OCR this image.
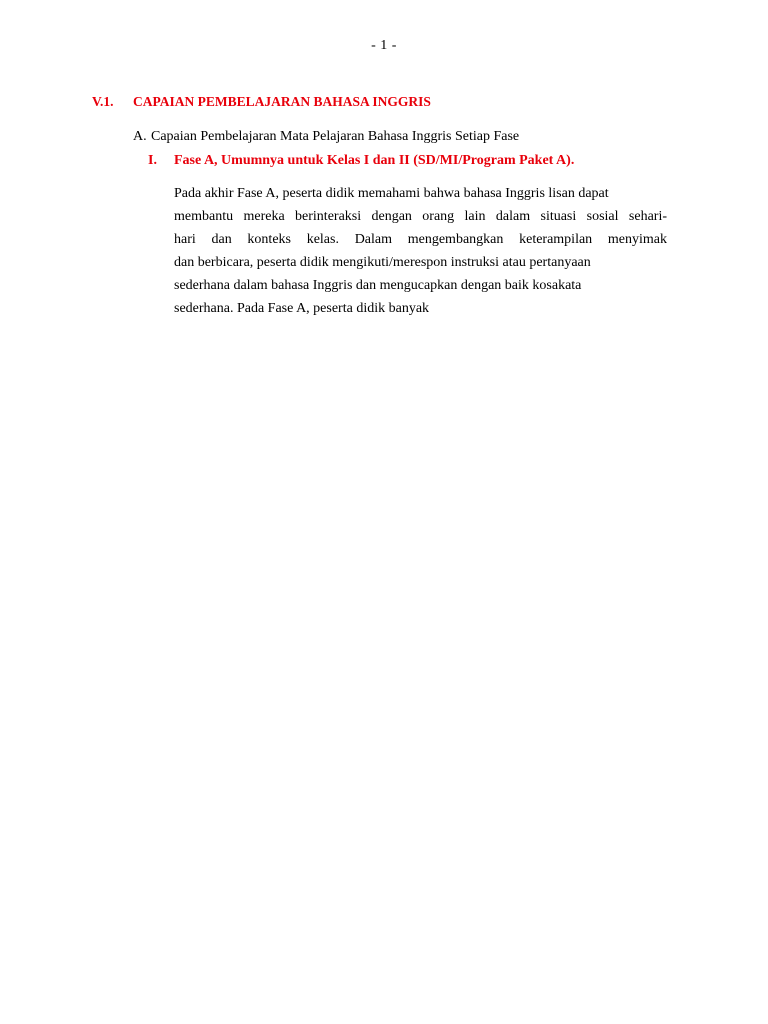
- 1 -
V.1. CAPAIAN PEMBELAJARAN BAHASA INGGRIS
A. Capaian Pembelajaran Mata Pelajaran Bahasa Inggris Setiap Fase
I. Fase A, Umumnya untuk Kelas I dan II (SD/MI/Program Paket A).
Pada akhir Fase A, peserta didik memahami bahwa bahasa Inggris lisan dapat
membantu mereka berinteraksi dengan orang lain dalam situasi sosial sehari-
hari dan konteks kelas. Dalam mengembangkan keterampilan menyimak
dan berbicara, peserta didik mengikuti/merespon instruksi atau pertanyaan
sederhana dalam bahasa Inggris dan mengucapkan dengan baik kosakata
sederhana. Pada Fase A, peserta didik banyak
